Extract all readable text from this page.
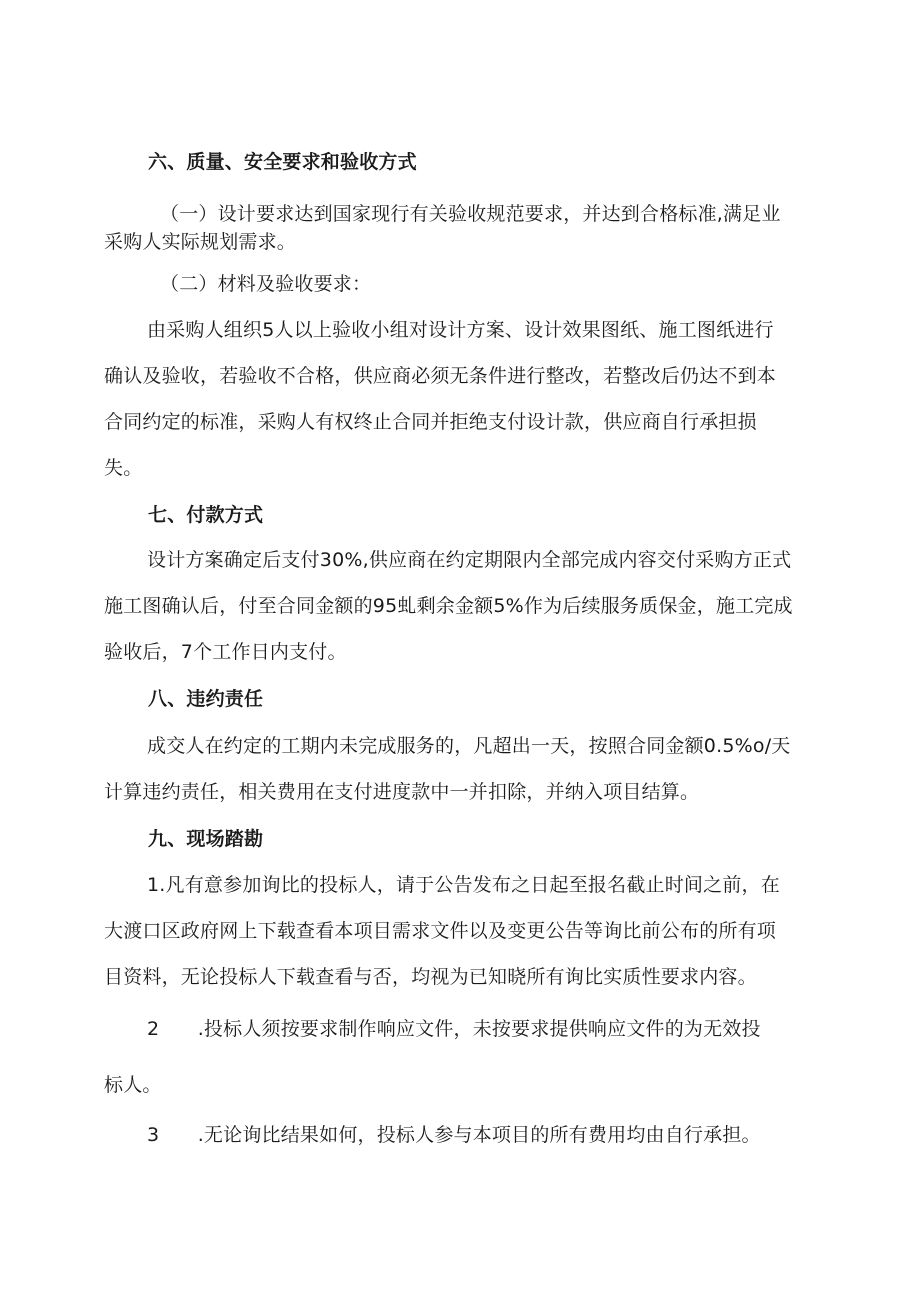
六、质量、安全要求和验收方式
（一）设计要求达到国家现行有关验收规范要求，并达到合格标准,满足业
采购人实际规划需求。
（二）材料及验收要求：
由采购人组织5人以上验收小组对设计方案、设计效果图纸、施工图纸进行
确认及验收，若验收不合格，供应商必须无条件进行整改，若整改后仍达不到本
合同约定的标准，采购人有权终止合同并拒绝支付设计款，供应商自行承担损
失。
七、付款方式
设计方案确定后支付30%,供应商在约定期限内全部完成内容交付采购方正式
施工图确认后，付至合同金额的95虬剩余金额5%作为后续服务质保金，施工完成
验收后，7个工作日内支付。
八、违约责任
成交人在约定的工期内未完成服务的，凡超出一天，按照合同金额0.5%o/天
计算违约责任，相关费用在支付进度款中一并扣除，并纳入项目结算。
九、现场踏勘
1.凡有意参加询比的投标人，请于公告发布之日起至报名截止时间之前，在
大渡口区政府网上下载查看本项目需求文件以及变更公告等询比前公布的所有项
目资料，无论投标人下载查看与否，均视为已知晓所有询比实质性要求内容。
2　　.投标人须按要求制作响应文件，未按要求提供响应文件的为无效投
标人。
3　　.无论询比结果如何，投标人参与本项目的所有费用均由自行承担。
